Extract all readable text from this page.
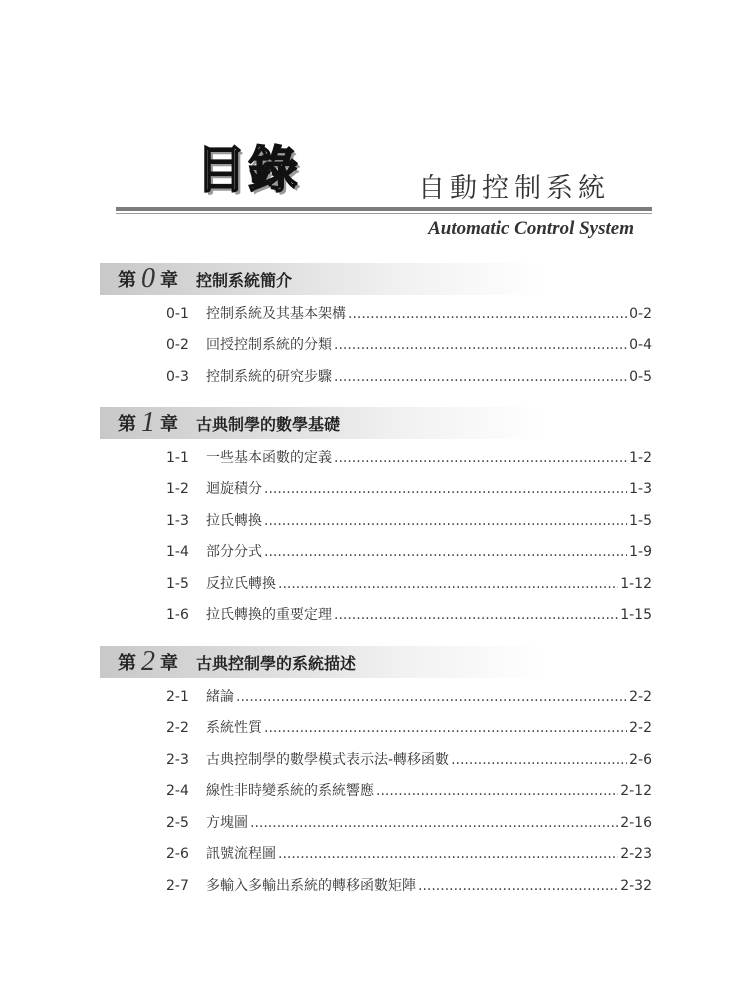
目錄	自動控制系統
Automatic Control System
第 0 章 控制系統簡介
0-1	控制系統及其基本架構 .....	0-2
0-2	回授控制系統的分類 .....	0-4
0-3	控制系統的研究步驟 .....	0-5
第 1 章 古典制學的數學基礎
1-1	一些基本函數的定義 .....	1-2
1-2	迴旋積分 .....	1-3
1-3	拉氏轉換 .....	1-5
1-4	部分分式 .....	1-9
1-5	反拉氏轉換 .....	1-12
1-6	拉氏轉換的重要定理 .....	1-15
第 2 章 古典控制學的系統描述
2-1	緒論 .....	2-2
2-2	系統性質 .....	2-2
2-3	古典控制學的數學模式表示法-轉移函數 .....	2-6
2-4	線性非時變系統的系統響應 .....	2-12
2-5	方塊圖 .....	2-16
2-6	訊號流程圖 .....	2-23
2-7	多輸入多輸出系統的轉移函數矩陣 .....	2-32
